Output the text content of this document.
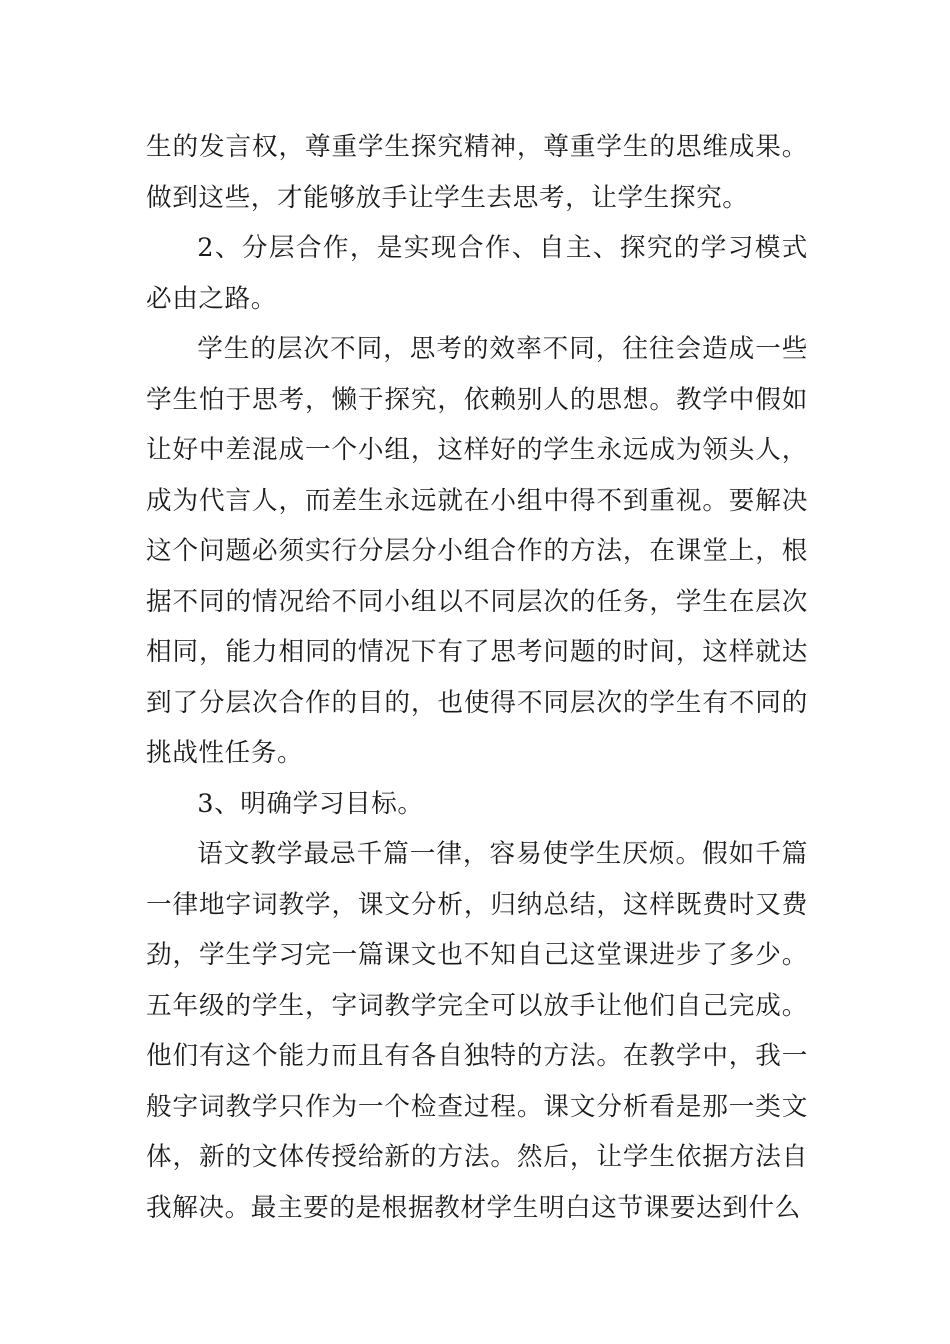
生的发言权，尊重学生探究精神，尊重学生的思维成果。做到这些，才能够放手让学生去思考，让学生探究。

2、分层合作，是实现合作、自主、探究的学习模式必由之路。

学生的层次不同，思考的效率不同，往往会造成一些学生怕于思考，懒于探究，依赖别人的思想。教学中假如让好中差混成一个小组，这样好的学生永远成为领头人，成为代言人，而差生永远就在小组中得不到重视。要解决这个问题必须实行分层分小组合作的方法，在课堂上，根据不同的情况给不同小组以不同层次的任务，学生在层次相同，能力相同的情况下有了思考问题的时间，这样就达到了分层次合作的目的，也使得不同层次的学生有不同的挑战性任务。

3、明确学习目标。

语文教学最忌千篇一律，容易使学生厌烦。假如千篇一律地字词教学，课文分析，归纳总结，这样既费时又费劲，学生学习完一篇课文也不知自己这堂课进步了多少。五年级的学生，字词教学完全可以放手让他们自己完成。他们有这个能力而且有各自独特的方法。在教学中，我一般字词教学只作为一个检查过程。课文分析看是那一类文体，新的文体传授给新的方法。然后，让学生依据方法自我解决。最主要的是根据教材学生明白这节课要达到什么
